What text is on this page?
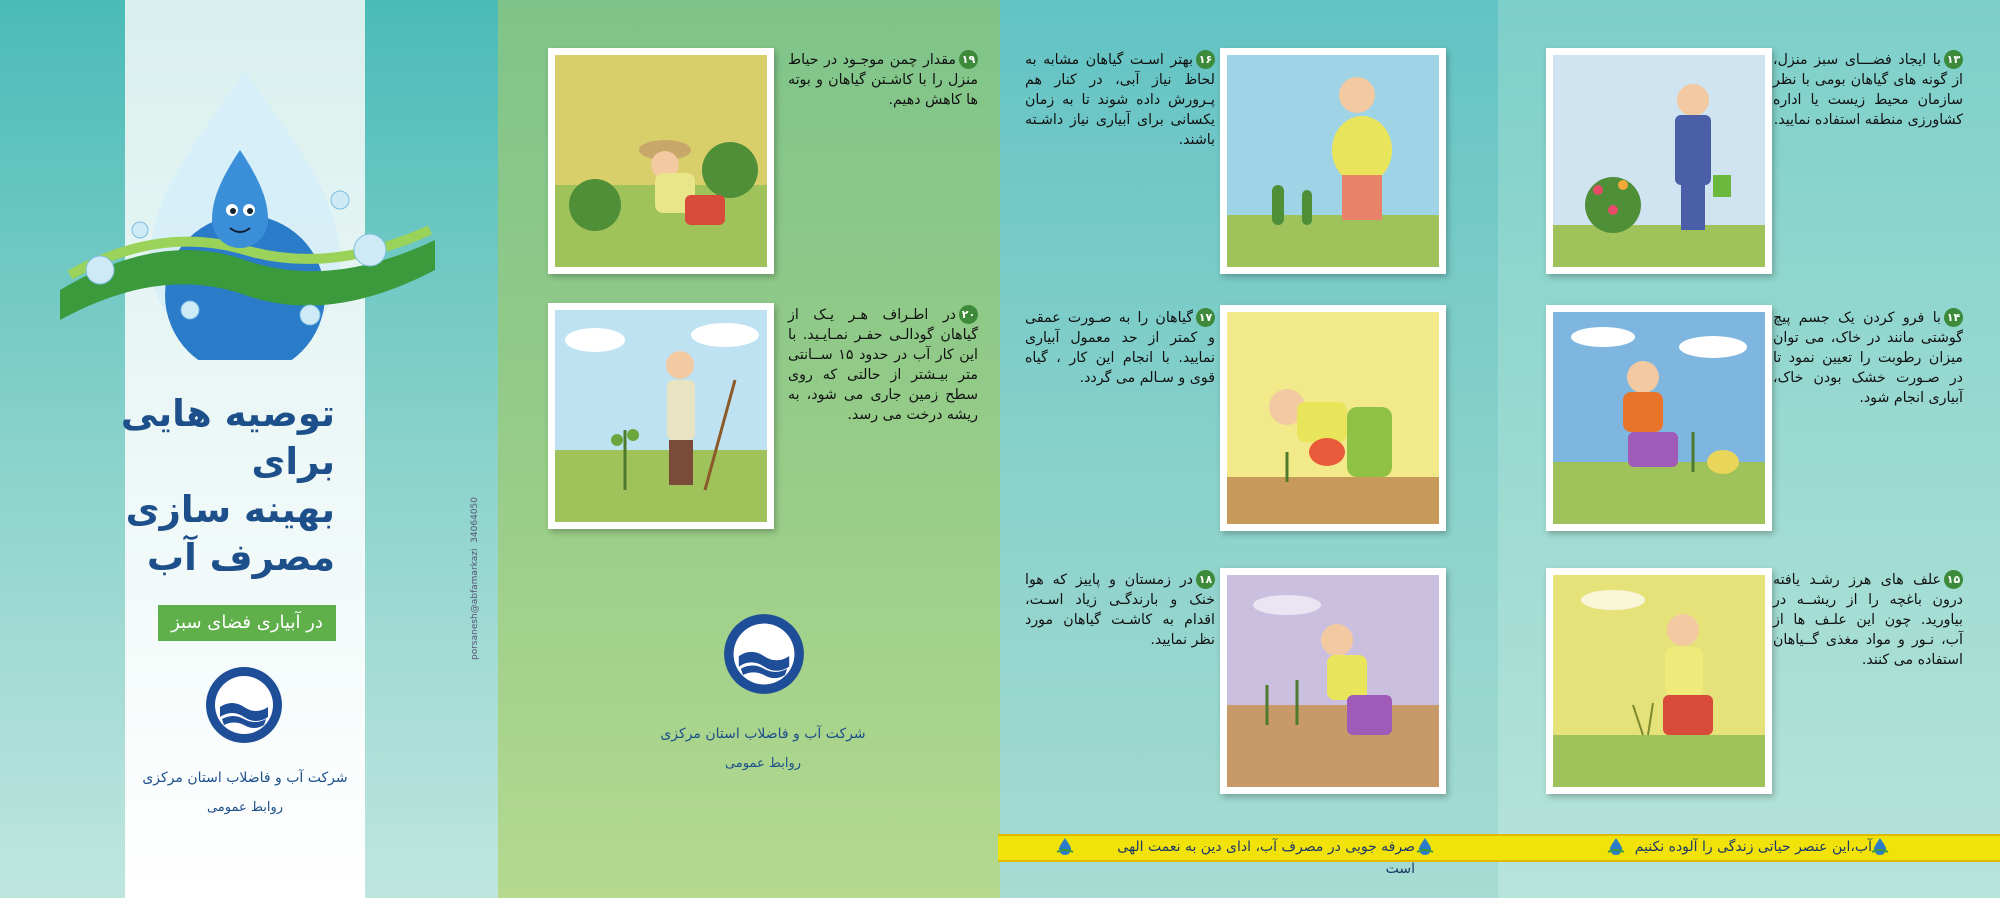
توصیه هایی
برای
بهینه سازی
مصرف آب
در آبیاری فضای سبز
شرکت آب و فاضلاب استان مرکزی
روابط عمومی
porsanesh@abfamarkazi  34064050
۱۹مقدار چمن موجـود در حیاط منزل را با کاشـتن گیاهان و بوته ها کاهش دهیم.
۲۰در اطـراف هـر یـک از گیاهان گودالـی حفـر نمـایـید. با این کار آب در حدود ۱۵ ســانتی متر بیـشتر از حالتی که روی سطح زمین جاری می شود، به ریشه درخت می رسد.
شرکت آب و فاضلاب استان مرکزی
روابط عمومی
۱۶بهتر اسـت گیاهان مشابه به لحاظ نیاز آبی، در کنار هم پـرورش داده شوند تا به زمان یکسانی برای آبیاری نیاز داشـته باشند.
۱۷گیاهان را به صـورت عمقی و کمتر از حد معمول آبیاری نمایید. با انجام این کار ، گیاه قوی و سـالم می گردد.
۱۸در زمستان و پاییز که هوا خنک و بارندگـی زیاد اسـت، اقدام به کاشـت گیاهان مورد نظر نمایید.
۱۳با ایجاد فضـــای سبز منزل، از گونه های گیاهان بومی با نظر سازمان محیط زیست یا اداره کشاورزی منطقه استفاده نمایید.
۱۴با فرو کردن یک جسم پیچ گوشتی مانند در خاک، می توان میزان رطوبت را تعیین نمود تا در صـورت خشک بودن خاک، آبیاری انجام شود.
۱۵علف های هرز رشـد یافته درون باغچه را از ریشــه در بیاورید. چون این علـف ها از آب، نـور و مواد مغذی گــیاهان استفاده می کنند.
صرفه جویی در مصرف آب، ادای دین به نعمت الهی است
آب،این عنصر حیاتی زندگی را آلوده نکنیم
